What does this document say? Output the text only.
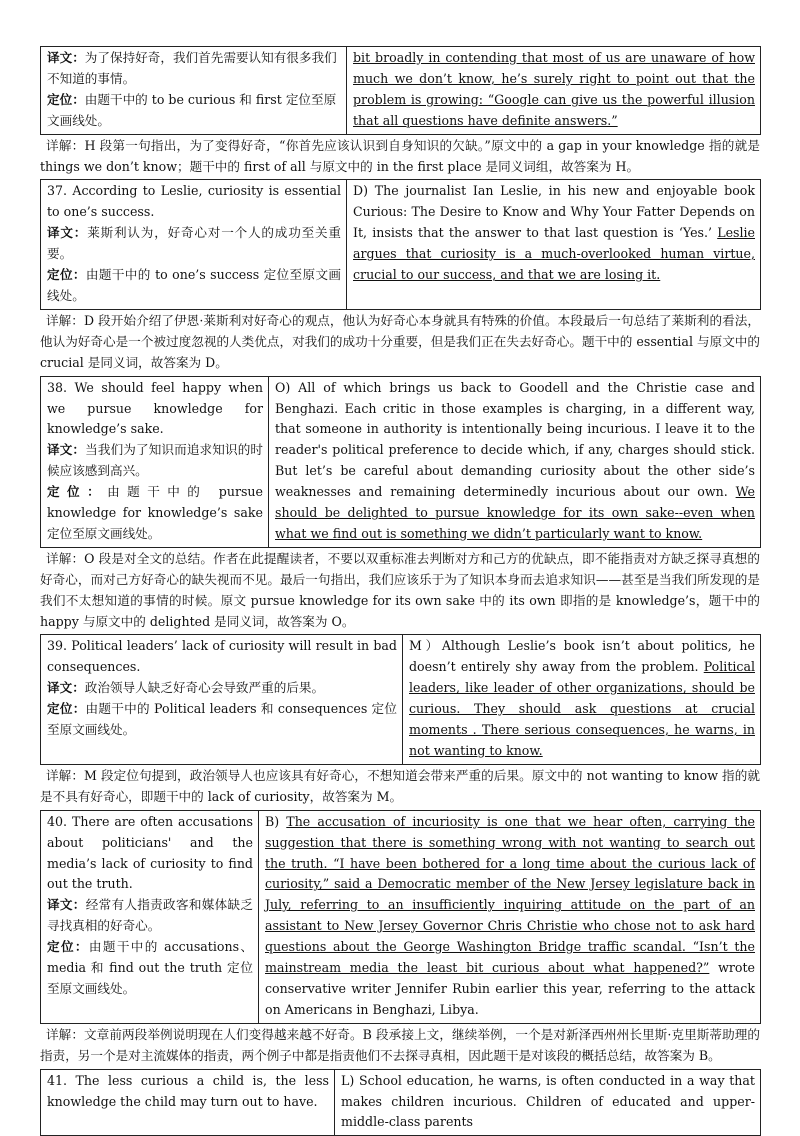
译文：为了保持好奇，我们首先需要认知有很多我们不知道的事情。

定位：由题干中的 to be curious 和 first 定位至原文画线处。

	bit broadly in contending that most of us are unaware of how much we don’t know, he’s surely right to point out that the problem is growing: “Google can give us the powerful illusion that all questions have definite answers.”

详解：H 段第一句指出，为了变得好奇，“你首先应该认识到自身知识的欠缺。”原文中的 a gap in your knowledge 指的就是 things we don’t know；题干中的 first of all 与原文中的 in the first place 是同义词组，故答案为 H。

37. According to Leslie, curiosity is essential to one’s success.

译文：莱斯利认为，好奇心对一个人的成功至关重要。

定位：由题干中的 to one’s success 定位至原文画线处。

	D) The journalist Ian Leslie, in his new and enjoyable book Curious: The Desire to Know and Why Your Fatter Depends on It, insists that the answer to that last question is ‘Yes.’ Leslie argues that curiosity is a much-overlooked human virtue, crucial to our success, and that we are losing it.

详解：D 段开始介绍了伊恩·莱斯利对好奇心的观点，他认为好奇心本身就具有特殊的价值。本段最后一句总结了莱斯利的看法，他认为好奇心是一个被过度忽视的人类优点，对我们的成功十分重要，但是我们正在失去好奇心。题干中的 essential 与原文中的 crucial 是同义词，故答案为 D。

38. We should feel happy when we pursue knowledge for knowledge’s sake.

译文：当我们为了知识而追求知识的时候应该感到高兴。

定位：由题干中的 pursue knowledge for knowledge’s sake 定位至原文画线处。

	O) All of which brings us back to Goodell and the Christie case and Benghazi. Each critic in those examples is charging, in a different way, that someone in authority is intentionally being incurious. I leave it to the reader's political preference to decide which, if any, charges should stick. But let’s be careful about demanding curiosity about the other side’s weaknesses and remaining determinedly incurious about our own. We should be delighted to pursue knowledge for its own sake--even when what we find out is something we didn’t particularly want to know.

详解：O 段是对全文的总结。作者在此提醒读者，不要以双重标准去判断对方和己方的优缺点，即不能指责对方缺乏探寻真想的好奇心，而对己方好奇心的缺失视而不见。最后一句指出，我们应该乐于为了知识本身而去追求知识——甚至是当我们所发现的是我们不太想知道的事情的时候。原文 pursue knowledge for its own sake 中的 its own 即指的是 knowledge’s，题干中的 happy 与原文中的 delighted 是同义词，故答案为 O。

39. Political leaders’ lack of curiosity will result in bad consequences.

译文：政治领导人缺乏好奇心会导致严重的后果。

定位：由题干中的 Political leaders 和 consequences 定位至原文画线处。

	M）Although Leslie’s book isn’t about politics, he doesn’t entirely shy away from the problem. Political leaders, like leader of other organizations, should be curious. They should ask questions at crucial moments . There serious consequences, he warns, in not wanting to know.

详解：M 段定位句提到，政治领导人也应该具有好奇心，不想知道会带来严重的后果。原文中的 not wanting to know 指的就是不具有好奇心，即题干中的 lack of curiosity，故答案为 M。

40. There are often accusations about politicians' and the media’s lack of curiosity to find out the truth.

译文：经常有人指责政客和媒体缺乏寻找真相的好奇心。

定位：由题干中的 accusations、media 和 find out the truth 定位至原文画线处。

	B) The accusation of incuriosity is one that we hear often, carrying the suggestion that there is something wrong with not wanting to search out the truth. “I have been bothered for a long time about the curious lack of curiosity,” said a Democratic member of the New Jersey legislature back in July, referring to an insufficiently inquiring attitude on the part of an assistant to New Jersey Governor Chris Christie who chose not to ask hard questions about the George Washington Bridge traffic scandal. “Isn’t the mainstream media the least bit curious about what happened?” wrote conservative writer Jennifer Rubin earlier this year, referring to the attack on Americans in Benghazi, Libya.

详解：文章前两段举例说明现在人们变得越来越不好奇。B 段承接上文，继续举例，一个是对新泽西州州长里斯·克里斯蒂助理的指责，另一个是对主流媒体的指责，两个例子中都是指责他们不去探寻真相，因此题干是对该段的概括总结，故答案为 B。

41. The less curious a child is, the less knowledge the child may turn out to have.

	L) School education, he warns, is often conducted in a way that makes children incurious. Children of educated and upper-middle-class parents
